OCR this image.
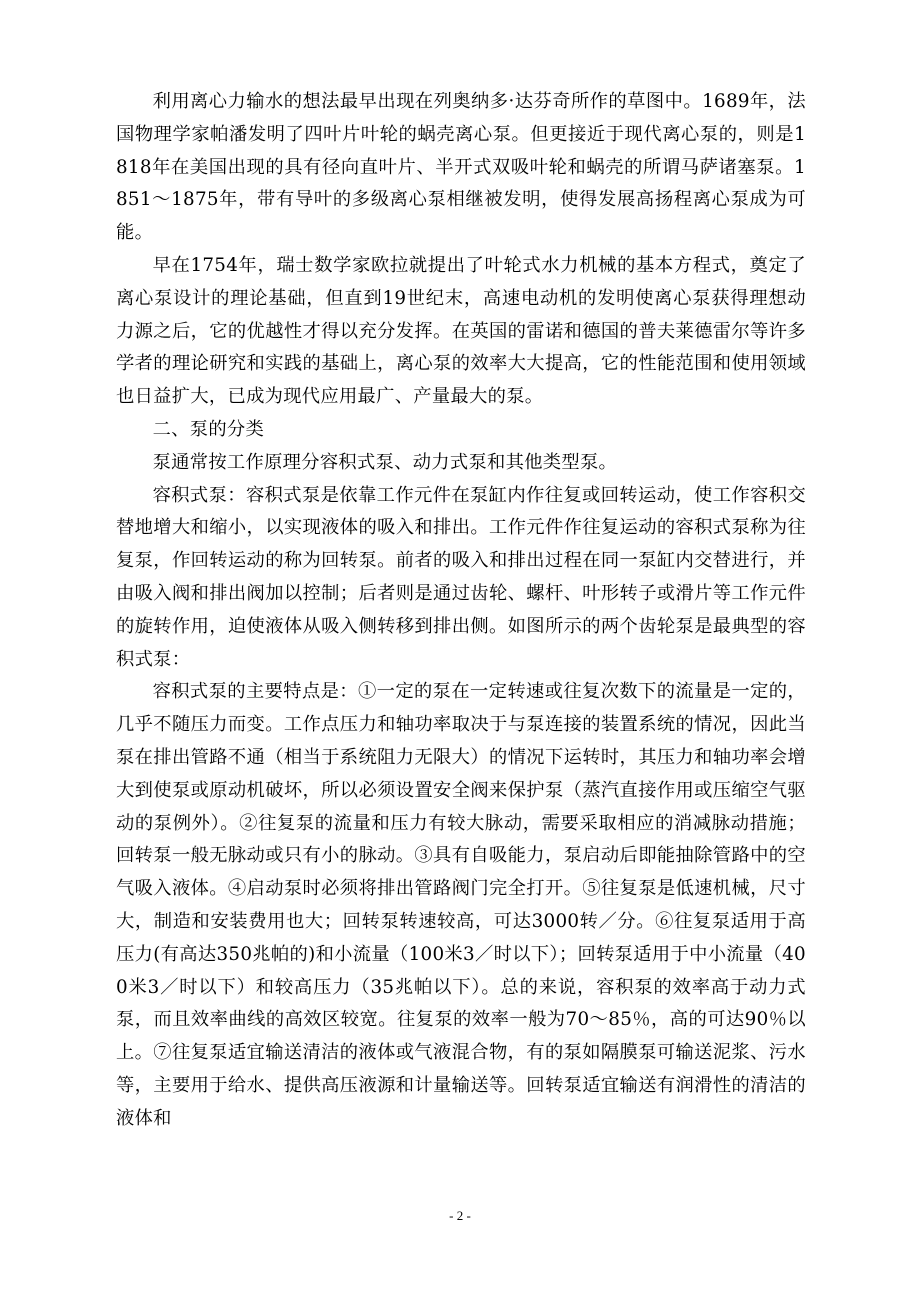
利用离心力输水的想法最早出现在列奥纳多·达芬奇所作的草图中。1689年，法国物理学家帕潘发明了四叶片叶轮的蜗壳离心泵。但更接近于现代离心泵的，则是1818年在美国出现的具有径向直叶片、半开式双吸叶轮和蜗壳的所谓马萨诸塞泵。1851～1875年，带有导叶的多级离心泵相继被发明，使得发展高扬程离心泵成为可能。

早在1754年，瑞士数学家欧拉就提出了叶轮式水力机械的基本方程式，奠定了离心泵设计的理论基础，但直到19世纪末，高速电动机的发明使离心泵获得理想动力源之后，它的优越性才得以充分发挥。在英国的雷诺和德国的普夫莱德雷尔等许多学者的理论研究和实践的基础上，离心泵的效率大大提高，它的性能范围和使用领域也日益扩大，已成为现代应用最广、产量最大的泵。

二、泵的分类

泵通常按工作原理分容积式泵、动力式泵和其他类型泵。

容积式泵：容积式泵是依靠工作元件在泵缸内作往复或回转运动，使工作容积交替地增大和缩小，以实现液体的吸入和排出。工作元件作往复运动的容积式泵称为往复泵，作回转运动的称为回转泵。前者的吸入和排出过程在同一泵缸内交替进行，并由吸入阀和排出阀加以控制；后者则是通过齿轮、螺杆、叶形转子或滑片等工作元件的旋转作用，迫使液体从吸入侧转移到排出侧。如图所示的两个齿轮泵是最典型的容积式泵：

容积式泵的主要特点是：①一定的泵在一定转速或往复次数下的流量是一定的，几乎不随压力而变。工作点压力和轴功率取决于与泵连接的装置系统的情况，因此当泵在排出管路不通（相当于系统阻力无限大）的情况下运转时，其压力和轴功率会增大到使泵或原动机破坏，所以必须设置安全阀来保护泵（蒸汽直接作用或压缩空气驱动的泵例外）。②往复泵的流量和压力有较大脉动，需要采取相应的消减脉动措施；回转泵一般无脉动或只有小的脉动。③具有自吸能力，泵启动后即能抽除管路中的空气吸入液体。④启动泵时必须将排出管路阀门完全打开。⑤往复泵是低速机械，尺寸大，制造和安装费用也大；回转泵转速较高，可达3000转／分。⑥往复泵适用于高压力(有高达350兆帕的)和小流量（100米3／时以下）；回转泵适用于中小流量（400米3／时以下）和较高压力（35兆帕以下）。总的来说，容积泵的效率高于动力式泵，而且效率曲线的高效区较宽。往复泵的效率一般为70～85％，高的可达90％以上。⑦往复泵适宜输送清洁的液体或气液混合物，有的泵如隔膜泵可输送泥浆、污水等，主要用于给水、提供高压液源和计量输送等。回转泵适宜输送有润滑性的清洁的液体和

- 2 -
